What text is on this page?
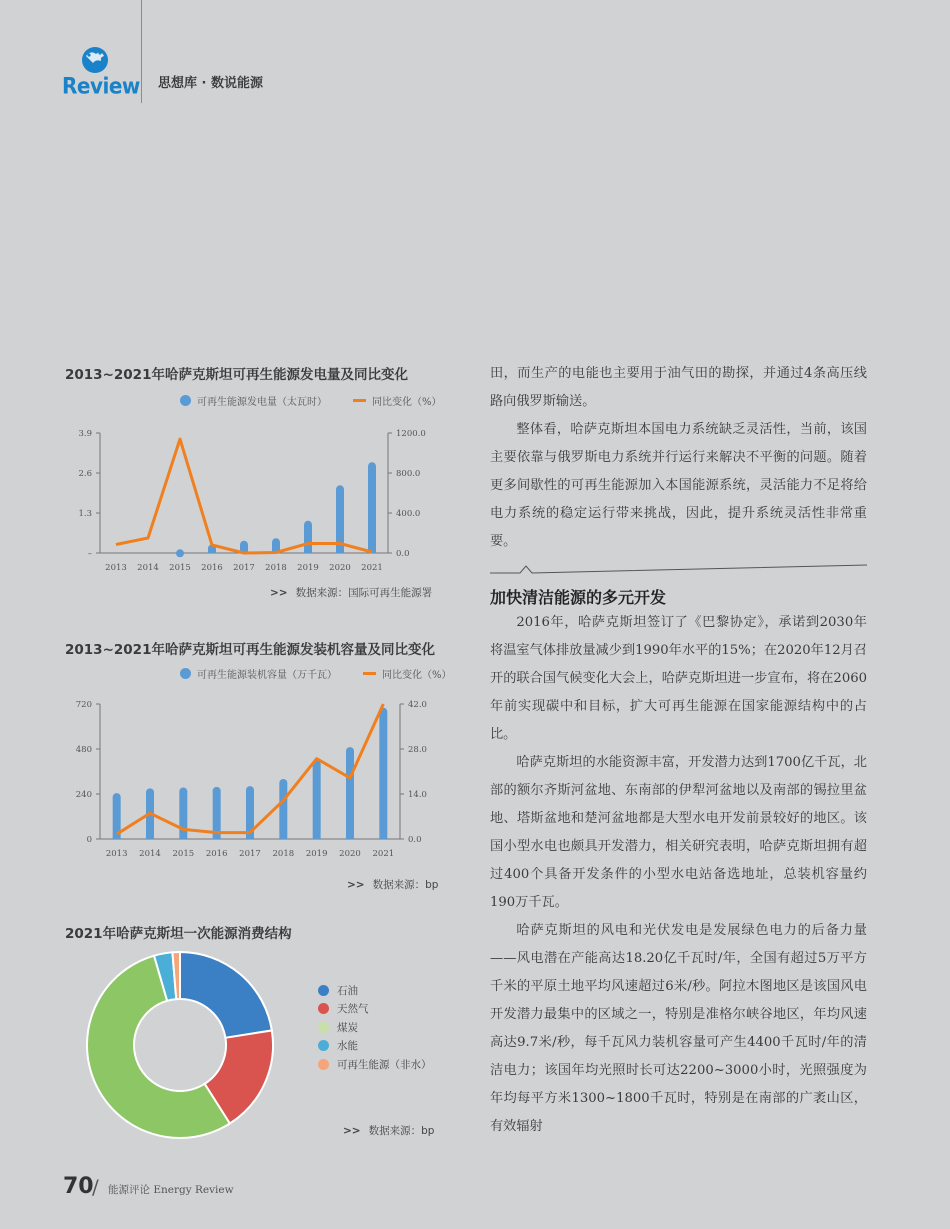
Review 思想库 · 数说能源
2013~2021年哈萨克斯坦可再生能源发电量及同比变化
可再生能源发电量（太瓦时）	同比变化（%）
3.9
2.6
1.3
–
1200.0
800.0
400.0
0.0
2013 2014 2015 2016 2017 2018 2019 2020 2021
>> 数据来源：国际可再生能源署
2013~2021年哈萨克斯坦可再生能源发装机容量及同比变化
可再生能源装机容量（万千瓦）	同比变化（%）
720
480
240
0
42.0
28.0
14.0
0.0
2013 2014 2015 2016 2017 2018 2019 2020 2021
>> 数据来源：bp
2021年哈萨克斯坦一次能源消费结构
石油
天然气
煤炭
水能
可再生能源（非水）
>> 数据来源：bp

田，而生产的电能也主要用于油气田的勘探，并通过4条高压线路向俄罗斯输送。

整体看，哈萨克斯坦本国电力系统缺乏灵活性，当前，该国主要依靠与俄罗斯电力系统并行运行来解决不平衡的问题。随着更多间歇性的可再生能源加入本国能源系统，灵活能力不足将给电力系统的稳定运行带来挑战，因此，提升系统灵活性非常重要。

加快清洁能源的多元开发

2016年，哈萨克斯坦签订了《巴黎协定》，承诺到2030年将温室气体排放量减少到1990年水平的15%；在2020年12月召开的联合国气候变化大会上，哈萨克斯坦进一步宣布，将在2060年前实现碳中和目标，扩大可再生能源在国家能源结构中的占比。

哈萨克斯坦的水能资源丰富，开发潜力达到1700亿千瓦，北部的额尔齐斯河盆地、东南部的伊犁河盆地以及南部的锡拉里盆地、塔斯盆地和楚河盆地都是大型水电开发前景较好的地区。该国小型水电也颇具开发潜力，相关研究表明，哈萨克斯坦拥有超过400个具备开发条件的小型水电站备选地址，总装机容量约190万千瓦。

哈萨克斯坦的风电和光伏发电是发展绿色电力的后备力量——风电潜在产能高达18.20亿千瓦时/年，全国有超过5万平方千米的平原土地平均风速超过6米/秒。阿拉木图地区是该国风电开发潜力最集中的区域之一，特别是准格尔峡谷地区，年均风速高达9.7米/秒，每千瓦风力装机容量可产生4400千瓦时/年的清洁电力；该国年均光照时长可达2200~3000小时，光照强度为年均每平方米1300~1800千瓦时，特别是在南部的广袤山区，有效辐射

70
/ 能源评论 Energy Review
